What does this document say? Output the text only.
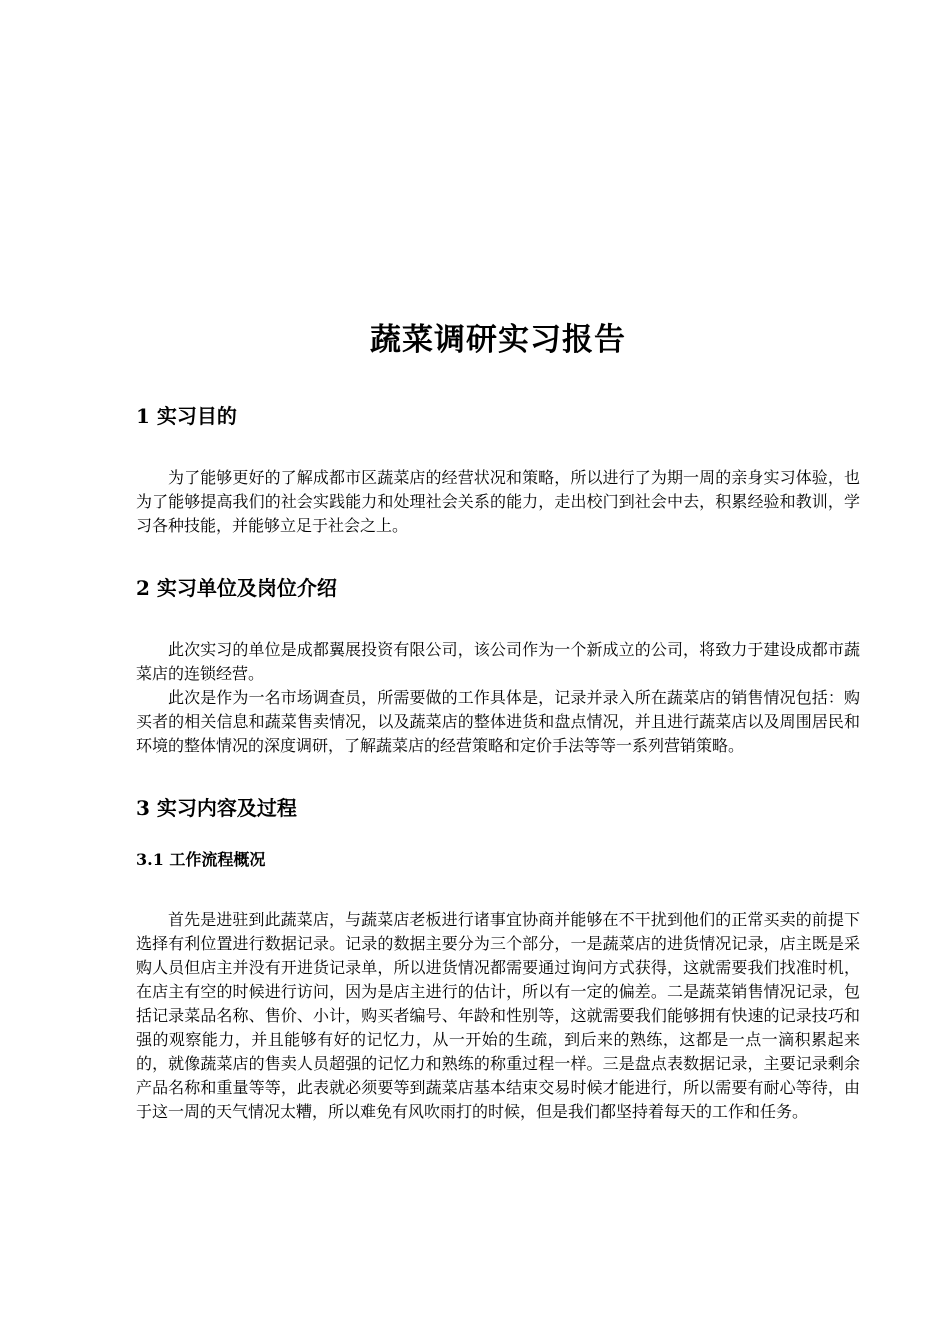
蔬菜调研实习报告
1 实习目的

为了能够更好的了解成都市区蔬菜店的经营状况和策略，所以进行了为期一周的亲身实习体验，也为了能够提高我们的社会实践能力和处理社会关系的能力，走出校门到社会中去，积累经验和教训，学习各种技能，并能够立足于社会之上。

2 实习单位及岗位介绍

此次实习的单位是成都翼展投资有限公司，该公司作为一个新成立的公司，将致力于建设成都市蔬菜店的连锁经营。

此次是作为一名市场调查员，所需要做的工作具体是，记录并录入所在蔬菜店的销售情况包括：购买者的相关信息和蔬菜售卖情况，以及蔬菜店的整体进货和盘点情况，并且进行蔬菜店以及周围居民和环境的整体情况的深度调研，了解蔬菜店的经营策略和定价手法等等一系列营销策略。

3 实习内容及过程
3.1 工作流程概况

首先是进驻到此蔬菜店，与蔬菜店老板进行诸事宜协商并能够在不干扰到他们的正常买卖的前提下选择有利位置进行数据记录。记录的数据主要分为三个部分，一是蔬菜店的进货情况记录，店主既是采购人员但店主并没有开进货记录单，所以进货情况都需要通过询问方式获得，这就需要我们找准时机，在店主有空的时候进行访问，因为是店主进行的估计，所以有一定的偏差。二是蔬菜销售情况记录，包括记录菜品名称、售价、小计，购买者编号、年龄和性别等，这就需要我们能够拥有快速的记录技巧和强的观察能力，并且能够有好的记忆力，从一开始的生疏，到后来的熟练，这都是一点一滴积累起来的，就像蔬菜店的售卖人员超强的记忆力和熟练的称重过程一样。三是盘点表数据记录，主要记录剩余产品名称和重量等等，此表就必须要等到蔬菜店基本结束交易时候才能进行，所以需要有耐心等待，由于这一周的天气情况太糟，所以难免有风吹雨打的时候，但是我们都坚持着每天的工作和任务。
